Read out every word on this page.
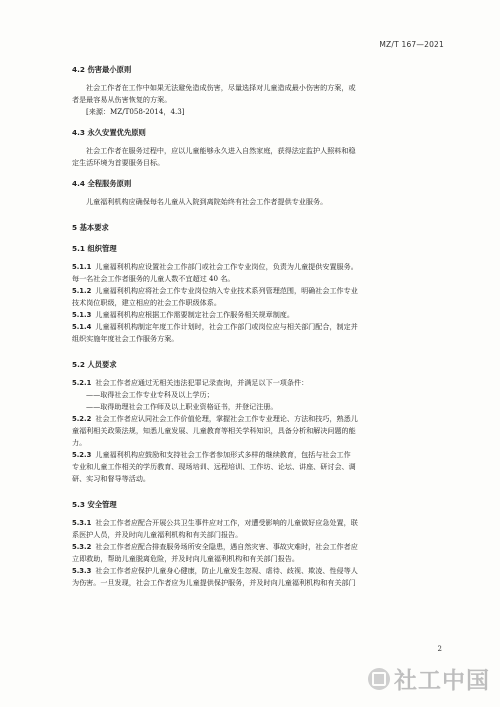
MZ/T 167—2021
4.2 伤害最小原则
社会工作者在工作中如果无法避免造成伤害，尽量选择对儿童造成最小伤害的方案，或
者是最容易从伤害恢复的方案。
[来源：MZ/T058-2014，4.3]
4.3 永久安置优先原则
社会工作者在服务过程中，应以儿童能够永久进入自然家庭，获得法定监护人照料和稳
定生活环境为首要服务目标。
4.4 全程服务原则
儿童福利机构应确保每名儿童从入院到离院始终有社会工作者提供专业服务。
5 基本要求
5.1 组织管理
5.1.1 儿童福利机构应设置社会工作部门或社会工作专业岗位，负责为儿童提供安置服务。
每一名社会工作者服务的儿童人数不宜超过 40 名。
5.1.2 儿童福利机构应将社会工作专业岗位纳入专业技术系列管理范围，明确社会工作专业
技术岗位职级，建立相应的社会工作职级体系。
5.1.3 儿童福利机构应根据工作需要制定社会工作服务相关规章制度。
5.1.4 儿童福利机构制定年度工作计划时，社会工作部门或岗位应与相关部门配合，制定并
组织实施年度社会工作服务方案。
5.2 人员要求
5.2.1 社会工作者应通过无相关违法犯罪记录查询，并满足以下一项条件：
——取得社会工作专业专科及以上学历；
——取得助理社会工作师及以上职业资格证书，并登记注册。
5.2.2 社会工作者应认同社会工作价值伦理，掌握社会工作专业理论、方法和技巧，熟悉儿
童福利相关政策法规，知悉儿童发展、儿童教育等相关学科知识，具备分析和解决问题的能
力。
5.2.3 儿童福利机构应鼓励和支持社会工作者参加形式多样的继续教育，包括与社会工作
专业和儿童工作相关的学历教育、现场培训、远程培训、工作坊、论坛、讲座、研讨会、调
研、实习和督导等活动。
5.3 安全管理
5.3.1 社会工作者应配合开展公共卫生事件应对工作，对遭受影响的儿童做好应急处置，联
系医护人员，并及时向儿童福利机构和有关部门报告。
5.3.2 社会工作者应配合排查服务场所安全隐患，遇自然灾害、事故灾难时，社会工作者应
立即救助，帮助儿童脱离危险，并及时向儿童福利机构和有关部门报告。
5.3.3 社会工作者应保护儿童身心健康，防止儿童发生忽视、虐待、歧视、欺凌、性侵等人
为伤害。一旦发现，社会工作者应为儿童提供保护服务，并及时向儿童福利机构和有关部门
2
社工中国
